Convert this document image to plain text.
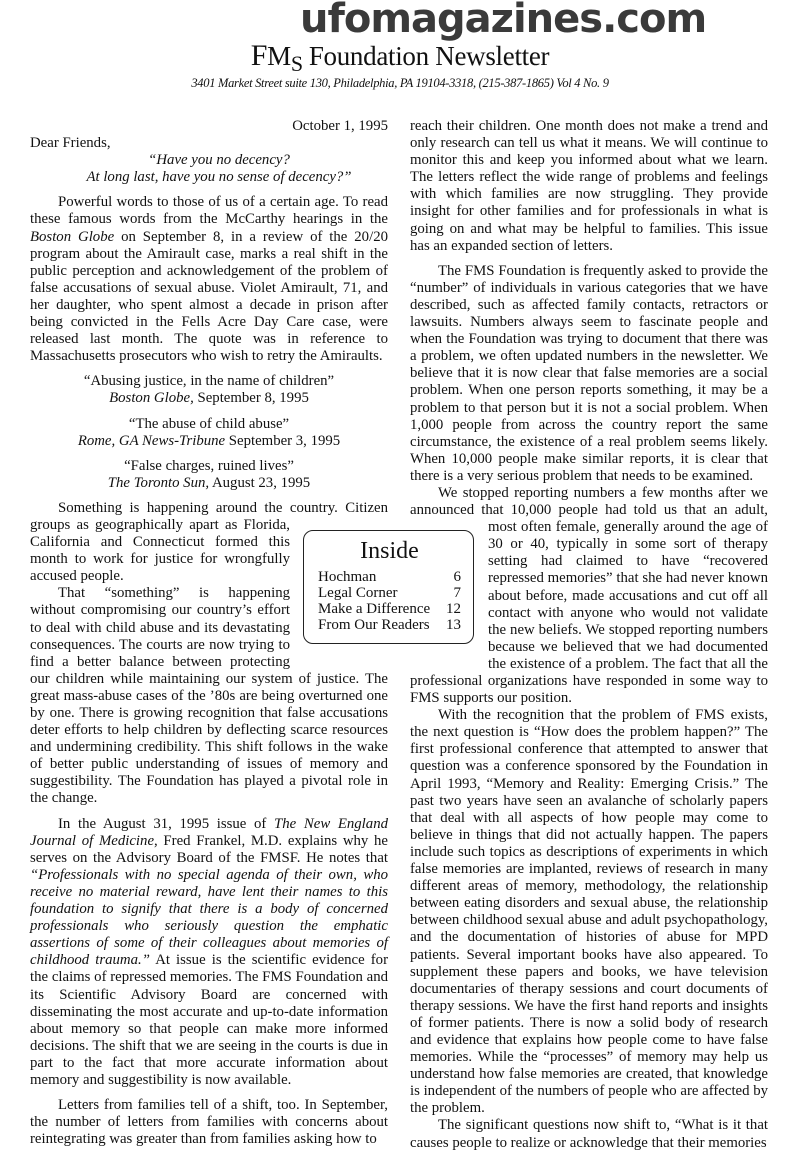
$FM_S$ Foundation Newsletter
3401 Market Street suite 130, Philadelphia, PA 19104-3318, (215-387-1865) Vol 4 No. 9

October 1, 1995

Dear Friends,

“Have you no decency?

At long last, have you no sense of decency?”

Powerful words to those of us of a certain age. To read these famous words from the McCarthy hearings in the Boston Globe on September 8, in a review of the 20/20 program about the Amirault case, marks a real shift in the public perception and acknowledgement of the problem of false accusations of sexual abuse. Violet Amirault, 71, and her daughter, who spent almost a decade in prison after being convicted in the Fells Acre Day Care case, were released last month. The quote was in reference to Massachusetts prosecutors who wish to retry the Amiraults.

“Abusing justice, in the name of children”
Boston Globe, September 8, 1995
“The abuse of child abuse”
Rome, GA News-Tribune September 3, 1995
“False charges, ruined lives”
The Toronto Sun, August 23, 1995

Something is happening around the country. Citizen groups as geographically apart as Florida, California and Connecticut formed this month to work for justice for wrongfully accused people.

That “something” is happening without compromising our country’s effort to deal with child abuse and its devastating consequences. The courts are now trying to find a better balance between protecting our children while maintaining our system of justice. The great mass-abuse cases of the ’80s are being overturned one by one. There is growing recognition that false accusations deter efforts to help children by deflecting scarce resources and undermining credibility. This shift follows in the wake of better public understanding of issues of memory and suggestibility. The Foundation has played a pivotal role in the change.

In the August 31, 1995 issue of The New England Journal of Medicine, Fred Frankel, M.D. explains why he serves on the Advisory Board of the FMSF. He notes that “Professionals with no special agenda of their own, who receive no material reward, have lent their names to this foundation to signify that there is a body of concerned professionals who seriously question the emphatic assertions of some of their colleagues about memories of childhood trauma.” At issue is the scientific evidence for the claims of repressed memories. The FMS Foundation and its Scientific Advisory Board are concerned with disseminating the most accurate and up-to-date information about memory so that people can make more informed decisions. The shift that we are seeing in the courts is due in part to the fact that more accurate information about memory and suggestibility is now available.

Letters from families tell of a shift, too. In September, the number of letters from families with concerns about reintegrating was greater than from families asking how to

reach their children. One month does not make a trend and only research can tell us what it means. We will continue to monitor this and keep you informed about what we learn. The letters reflect the wide range of problems and feelings with which families are now struggling. They provide insight for other families and for professionals in what is going on and what may be helpful to families. This issue has an expanded section of letters.

The FMS Foundation is frequently asked to provide the “number” of individuals in various categories that we have described, such as affected family contacts, retractors or lawsuits. Numbers always seem to fascinate people and when the Foundation was trying to document that there was a problem, we often updated numbers in the newsletter. We believe that it is now clear that false memories are a social problem. When one person reports something, it may be a problem to that person but it is not a social problem. When 1,000 people from across the country report the same circumstance, the existence of a real problem seems likely. When 10,000 people make similar reports, it is clear that there is a very serious problem that needs to be examined.

We stopped reporting numbers a few months after we announced that 10,000 people had told us that an adult, most often female, generally around the age of 30 or 40, typically in some sort of therapy setting had claimed to have “recovered repressed memories” that she had never known about before, made accusations and cut off all contact with anyone who would not validate the new beliefs. We stopped reporting numbers because we believed that we had documented the existence of a problem. The fact that all the professional organizations have responded in some way to FMS supports our position.

With the recognition that the problem of FMS exists, the next question is “How does the problem happen?” The first professional conference that attempted to answer that question was a conference sponsored by the Foundation in April 1993, “Memory and Reality: Emerging Crisis.” The past two years have seen an avalanche of scholarly papers that deal with all aspects of how people may come to believe in things that did not actually happen. The papers include such topics as descriptions of experiments in which false memories are implanted, reviews of research in many different areas of memory, methodology, the relationship between eating disorders and sexual abuse, the relationship between childhood sexual abuse and adult psychopathology, and the documentation of histories of abuse for MPD patients. Several important books have also appeared. To supplement these papers and books, we have television documentaries of therapy sessions and court documents of therapy sessions. We have the first hand reports and insights of former patients. There is now a solid body of research and evidence that explains how people come to have false memories. While the “processes” of memory may help us understand how false memories are created, that knowledge is independent of the numbers of people who are affected by the problem.

The significant questions now shift to, “What is it that causes people to realize or acknowledge that their memories

Inside
Hochman	6
Legal Corner	7
Make a Difference 12
From Our Readers 13
ufomagazines.com
